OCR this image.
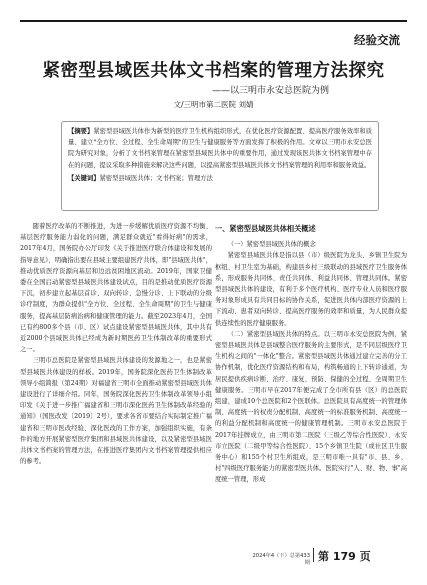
经验交流
紧密型县域医共体文书档案的管理方法探究
——以三明市永安总医院为例
文/三明市第二医院 刘婧
【摘要】紧密型县域医共体作为新型的医疗卫生机构组织形式，在优化医疗资源配置、提高医疗服务效率和质量、建立"全方位、全过程、全生命周期"的卫生与健康服务等方面发挥了积极的作用。文章以三明市永安总医院为研究对象，分析了文书档案管理在紧密型县域医共体中的重要作用，通过发现该医共体文书档案管理中存在的问题，提议采取多种措施来解决这些问题，以提高紧密型县域医共体文书档案管理的利用率和服务效益。
【关键词】紧密型县域医共体；文书档案；管理方法

随着医疗改革的不断推进，为进一步缓解优质医疗资源不均衡、基层医疗服务能力弱化的问题，满足群众就近"看得好病"的需求，2017年4月，国务院办公厅印发《关于推进医疗联合体建设和发展的指导意见》，明确指出要在县域主要组建医疗共体，即"县域医共体"，推动优质医疗资源向基层和边远贫困地区流动。2019年，国家卫健委在全国启动紧密型县域医共体建设试点，目的是推动优质医疗资源下沉，初步建立起基层首诊、双向转诊、急慢分诊、上下联动的分级诊疗制度，为群众提供"全方位、全过程、全生命周期"的卫生与健康服务，提高基层防病治病和健康管理的能力。截至2023年4月，全国已有约800多个县（市、区）试点建设紧密型县域医共体，其中共有近2000个县域医共体已经成为新时期医药卫生体制改革的重要形式之一。

三明市总医院是紧密型县域医共体建设的发源地之一，也是紧密型县域医共体建设的样板。2019年，国务院深化医药卫生体制改革领导小组简报（第24期）对福建省三明市全面推动紧密型县域医共体建设进行了详细介绍。同年，国务院深化医药卫生体制改革领导小组印发《关于进一步推广福建省和三明市深化医药卫生体制改革经验的通知》（国医改发〔2019〕2号），要求各省市要结合实际制定推广福建省和三明市医改经验、深化医改的工作方案，加强组织实施，有条件的地方开展紧密型医疗集团和县域医共体建设，以及紧密型县域医共体文书档案的管理方法，在推进医疗集团内文书档案管理提供相应的参考。

一、紧密型县域医共体相关概述

（一）紧密型县域医共体的概念

紧密型县域医共体是指以县（市）级医院为龙头、乡镇卫生院为枢纽、村卫生室为基础，构建县乡村三级联动的县域医疗卫生服务体系，形成服务共同体、责任共同体、利益共同体、管理共同体。紧密型县域医共体的建设，有利于多个医疗机构、医疗专业人员和医疗服务对象形成具有共同目标的协作关系，促进医共体内部医疗资源的上下流动、患者双向转诊、提高医疗服务的效率和质量，为人民群众提供连续性的医疗健康服务。

（二）紧密型县域医共体的特点。以三明市永安总医院为例，紧密型县域医共体是县域整合医疗服务的主要形式，是不同层级医疗卫生机构之间的"一体化"整合。紧密型县域医共体通过建立完善的分工协作机制，优化医疗资源结构和布局，构筑畅通的上下转诊通道，为居民提供疾病诊断、治疗、康复、预防、保健的全过程、全周期卫生健康服务。三明市早在2017年便完成了全市所有县（区）的总医院组建，建成10个总医院和2个医联体。总医院具有高度统一的管理体制、高度统一的权责分配机制、高度统一的标准服务机制、高度统一的利益分配机制和高度统一的健康管理机制。三明市永安总医院于2017年挂牌成立，由三明市第二医院（三级乙等综合性医院）、永安市立医院（二级甲等综合性医院）、15个乡镇卫生院（或社区卫生服务中心）和155个村卫生所组成，是三明市唯一具有"市、县、乡、村"四级医疗服务能力的紧密型医共体。医院实行"人、财、物、事"高度统一管理，形成

2024年4（下）总第433期 第 179 页
